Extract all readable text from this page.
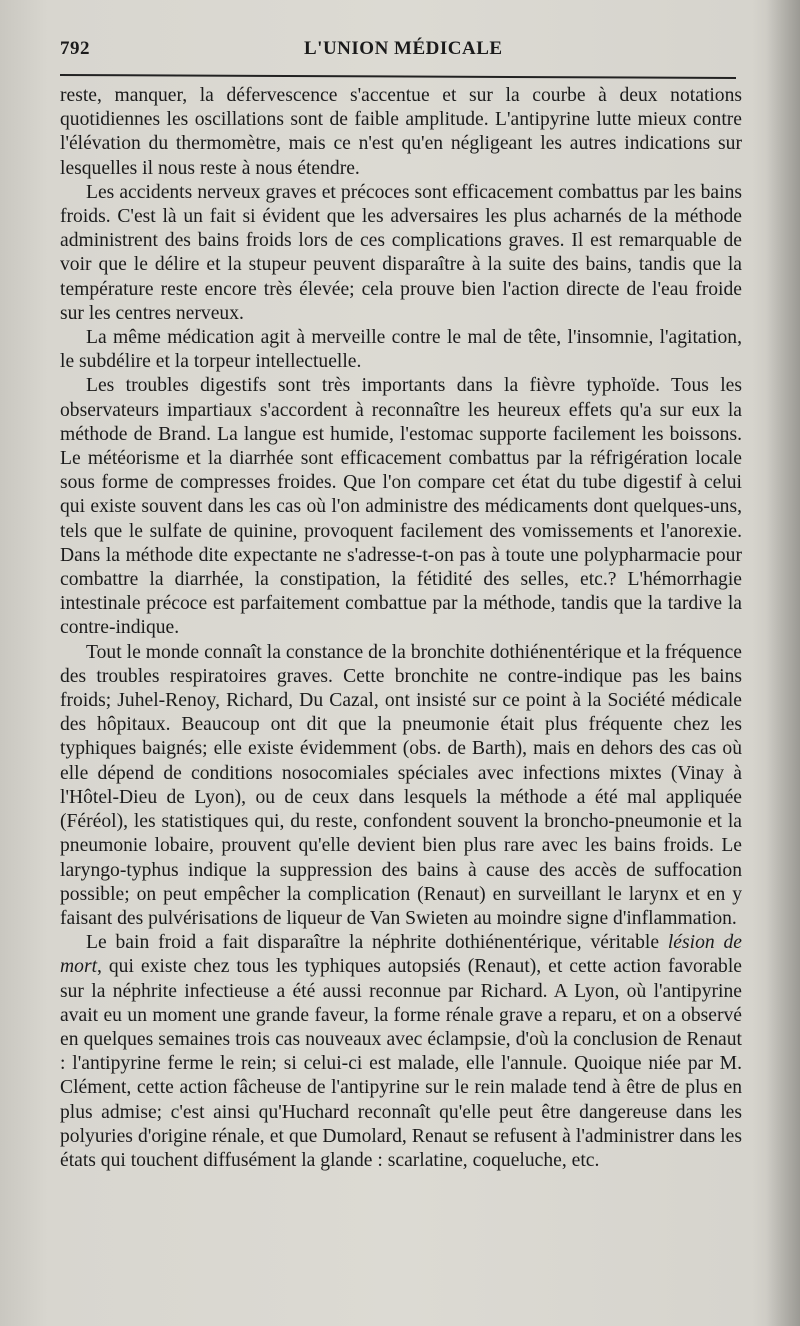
792	L'UNION MÉDICALE

reste, manquer, la défervescence s'accentue et sur la courbe à deux notations quotidiennes les oscillations sont de faible amplitude. L'antipyrine lutte mieux contre l'élévation du thermomètre, mais ce n'est qu'en négligeant les autres indications sur lesquelles il nous reste à nous étendre.

Les accidents nerveux graves et précoces sont efficacement combattus par les bains froids. C'est là un fait si évident que les adversaires les plus acharnés de la méthode administrent des bains froids lors de ces complications graves. Il est remarquable de voir que le délire et la stupeur peuvent disparaître à la suite des bains, tandis que la température reste encore très élevée; cela prouve bien l'action directe de l'eau froide sur les centres nerveux.

La même médication agit à merveille contre le mal de tête, l'insomnie, l'agitation, le subdélire et la torpeur intellectuelle.

Les troubles digestifs sont très importants dans la fièvre typhoïde. Tous les observateurs impartiaux s'accordent à reconnaître les heureux effets qu'a sur eux la méthode de Brand. La langue est humide, l'estomac supporte facilement les boissons. Le météorisme et la diarrhée sont efficacement combattus par la réfrigération locale sous forme de compresses froides. Que l'on compare cet état du tube digestif à celui qui existe souvent dans les cas où l'on administre des médicaments dont quelques-uns, tels que le sulfate de quinine, provoquent facilement des vomissements et l'anorexie. Dans la méthode dite expectante ne s'adresse-t-on pas à toute une polypharmacie pour combattre la diarrhée, la constipation, la fétidité des selles, etc.? L'hémorrhagie intestinale précoce est parfaitement combattue par la méthode, tandis que la tardive la contre-indique.

Tout le monde connaît la constance de la bronchite dothiénentérique et la fréquence des troubles respiratoires graves. Cette bronchite ne contre-indique pas les bains froids; Juhel-Renoy, Richard, Du Cazal, ont insisté sur ce point à la Société médicale des hôpitaux. Beaucoup ont dit que la pneumonie était plus fréquente chez les typhiques baignés; elle existe évidemment (obs. de Barth), mais en dehors des cas où elle dépend de conditions nosocomiales spéciales avec infections mixtes (Vinay à l'Hôtel-Dieu de Lyon), ou de ceux dans lesquels la méthode a été mal appliquée (Féréol), les statistiques qui, du reste, confondent souvent la broncho-pneumonie et la pneumonie lobaire, prouvent qu'elle devient bien plus rare avec les bains froids. Le laryngo-typhus indique la suppression des bains à cause des accès de suffocation possible; on peut empêcher la complication (Renaut) en surveillant le larynx et en y faisant des pulvérisations de liqueur de Van Swieten au moindre signe d'inflammation.

Le bain froid a fait disparaître la néphrite dothiénentérique, véritable lésion de mort, qui existe chez tous les typhiques autopsiés (Renaut), et cette action favorable sur la néphrite infectieuse a été aussi reconnue par Richard. A Lyon, où l'antipyrine avait eu un moment une grande faveur, la forme rénale grave a reparu, et on a observé en quelques semaines trois cas nouveaux avec éclampsie, d'où la conclusion de Renaut : l'antipyrine ferme le rein; si celui-ci est malade, elle l'annule. Quoique niée par M. Clément, cette action fâcheuse de l'antipyrine sur le rein malade tend à être de plus en plus admise; c'est ainsi qu'Huchard reconnaît qu'elle peut être dangereuse dans les polyuries d'origine rénale, et que Dumolard, Renaut se refusent à l'administrer dans les états qui touchent diffusément la glande : scarlatine, coqueluche, etc.
